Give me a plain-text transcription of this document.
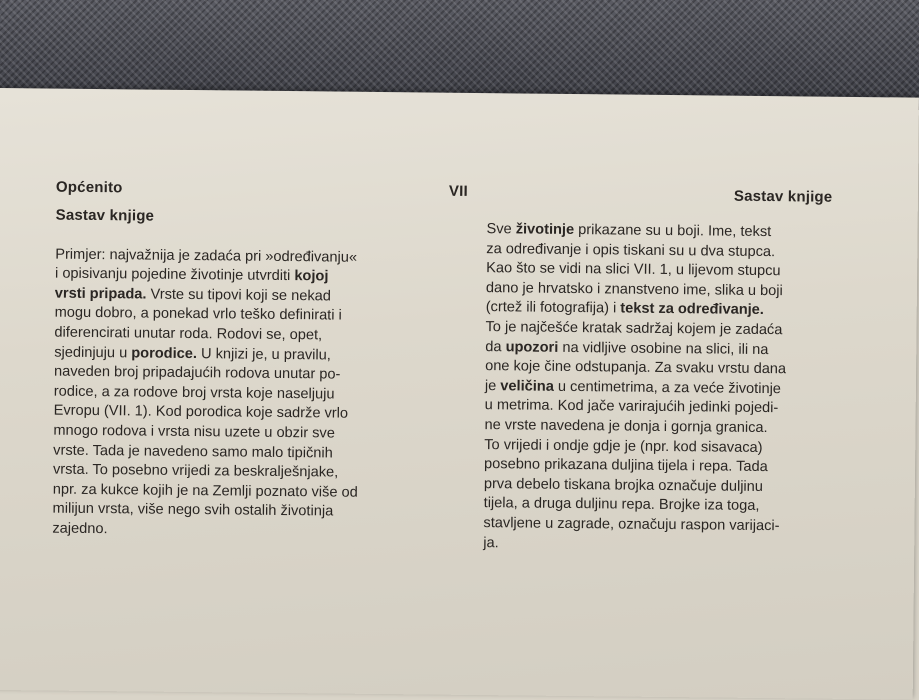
Općenito	VII	Sastav knjige
Sastav knjige
Primjer: najvažnija je zadaća pri »određivanju«
i opisivanju pojedine životinje utvrditi kojoj
vrsti pripada. Vrste su tipovi koji se nekad
mogu dobro, a ponekad vrlo teško definirati i
diferencirati unutar roda. Rodovi se, opet,
sjedinjuju u porodice. U knjizi je, u pravilu,
naveden broj pripadajućih rodova unutar po-
rodice, a za rodove broj vrsta koje naseljuju
Evropu (VII. 1). Kod porodica koje sadrže vrlo
mnogo rodova i vrsta nisu uzete u obzir sve
vrste. Tada je navedeno samo malo tipičnih
vrsta. To posebno vrijedi za beskralješnjake,
npr. za kukce kojih je na Zemlji poznato više od
milijun vrsta, više nego svih ostalih životinja
zajedno.
Sve životinje prikazane su u boji. Ime, tekst
za određivanje i opis tiskani su u dva stupca.
Kao što se vidi na slici VII. 1, u lijevom stupcu
dano je hrvatsko i znanstveno ime, slika u boji
(crtež ili fotografija) i tekst za određivanje.
To je najčešće kratak sadržaj kojem je zadaća
da upozori na vidljive osobine na slici, ili na
one koje čine odstupanja. Za svaku vrstu dana
je veličina u centimetrima, a za veće životinje
u metrima. Kod jače varirajućih jedinki pojedi-
ne vrste navedena je donja i gornja granica.
To vrijedi i ondje gdje je (npr. kod sisavaca)
posebno prikazana duljina tijela i repa. Tada
prva debelo tiskana brojka označuje duljinu
tijela, a druga duljinu repa. Brojke iza toga,
stavljene u zagrade, označuju raspon varijaci-
ja.
